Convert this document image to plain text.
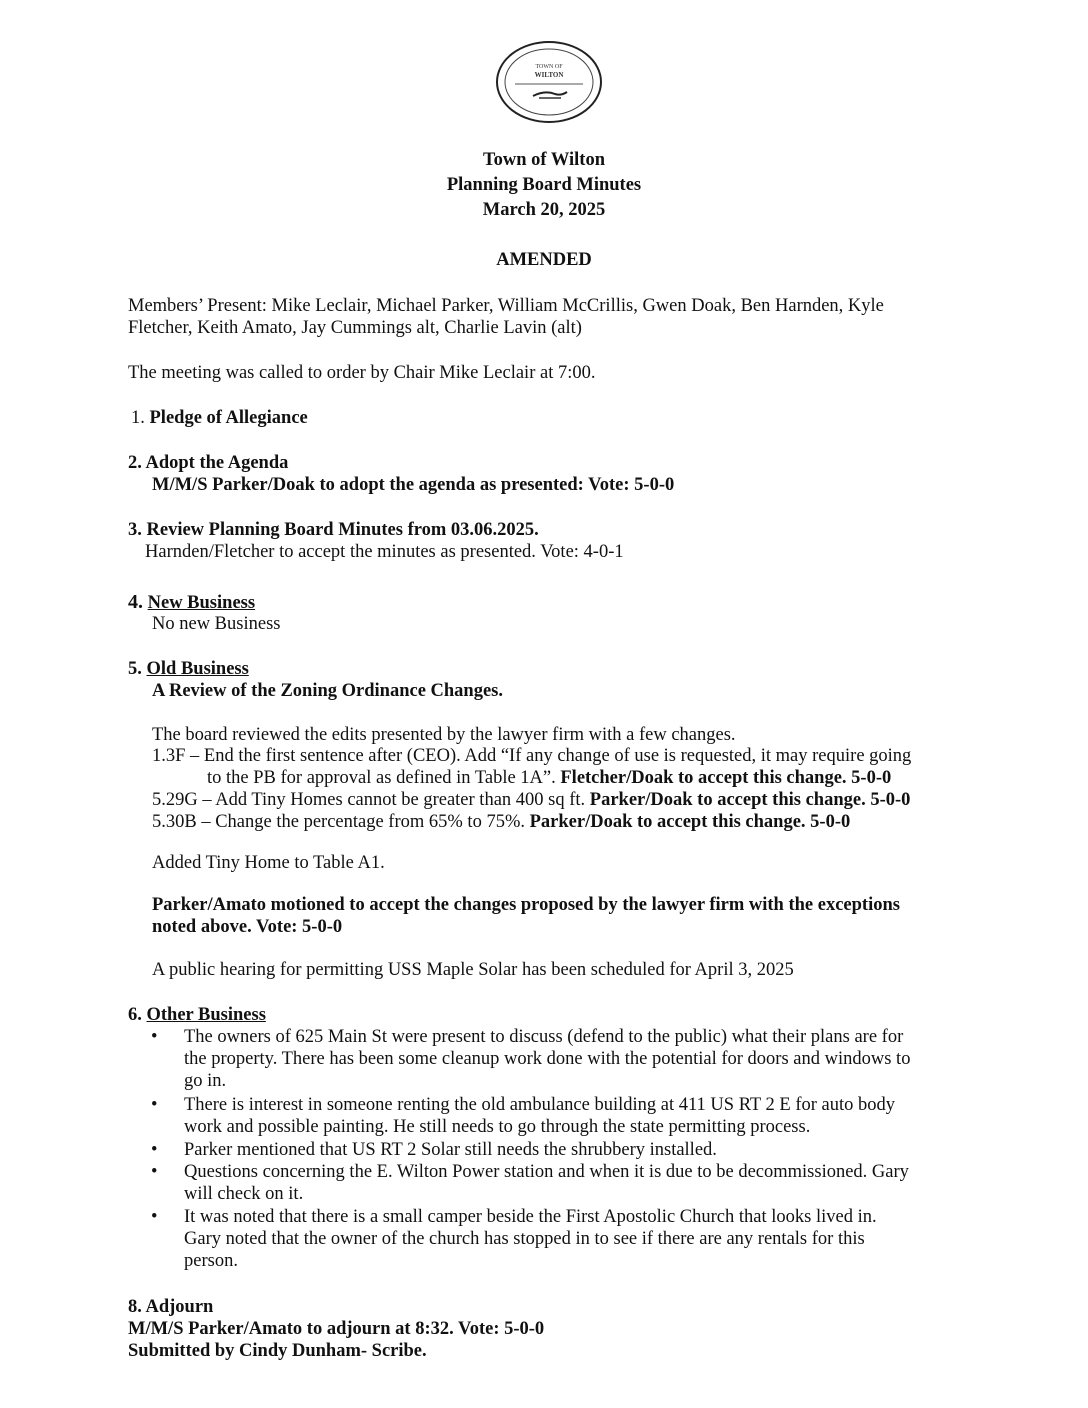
TOWN OF
WILTON
Town of Wilton
Planning Board Minutes
March 20, 2025
AMENDED
Members’ Present: Mike Leclair, Michael Parker, William McCrillis, Gwen Doak, Ben Harnden, Kyle
Fletcher, Keith Amato, Jay Cummings alt, Charlie Lavin (alt)
The meeting was called to order by Chair Mike Leclair at 7:00.
1. Pledge of Allegiance
2. Adopt the Agenda
M/M/S Parker/Doak to adopt the agenda as presented: Vote: 5-0-0
3. Review Planning Board Minutes from 03.06.2025.
Harnden/Fletcher to accept the minutes as presented. Vote: 4-0-1
4. New Business
No new Business
5. Old Business
A Review of the Zoning Ordinance Changes.
The board reviewed the edits presented by the lawyer firm with a few changes.
1.3F – End the first sentence after (CEO). Add “If any change of use is requested, it may require going
to the PB for approval as defined in Table 1A”. Fletcher/Doak to accept this change. 5-0-0
5.29G – Add Tiny Homes cannot be greater than 400 sq ft. Parker/Doak to accept this change. 5-0-0
5.30B – Change the percentage from 65% to 75%. Parker/Doak to accept this change. 5-0-0
Added Tiny Home to Table A1.
Parker/Amato motioned to accept the changes proposed by the lawyer firm with the exceptions
noted above. Vote: 5-0-0
A public hearing for permitting USS Maple Solar has been scheduled for April 3, 2025
6. Other Business
• The owners of 625 Main St were present to discuss (defend to the public) what their plans are for
the property. There has been some cleanup work done with the potential for doors and windows to
go in.
• There is interest in someone renting the old ambulance building at 411 US RT 2 E for auto body
work and possible painting. He still needs to go through the state permitting process.
• Parker mentioned that US RT 2 Solar still needs the shrubbery installed.
• Questions concerning the E. Wilton Power station and when it is due to be decommissioned. Gary
will check on it.
• It was noted that there is a small camper beside the First Apostolic Church that looks lived in.
Gary noted that the owner of the church has stopped in to see if there are any rentals for this
person.
8. Adjourn
M/M/S Parker/Amato to adjourn at 8:32. Vote: 5-0-0
Submitted by Cindy Dunham- Scribe.
